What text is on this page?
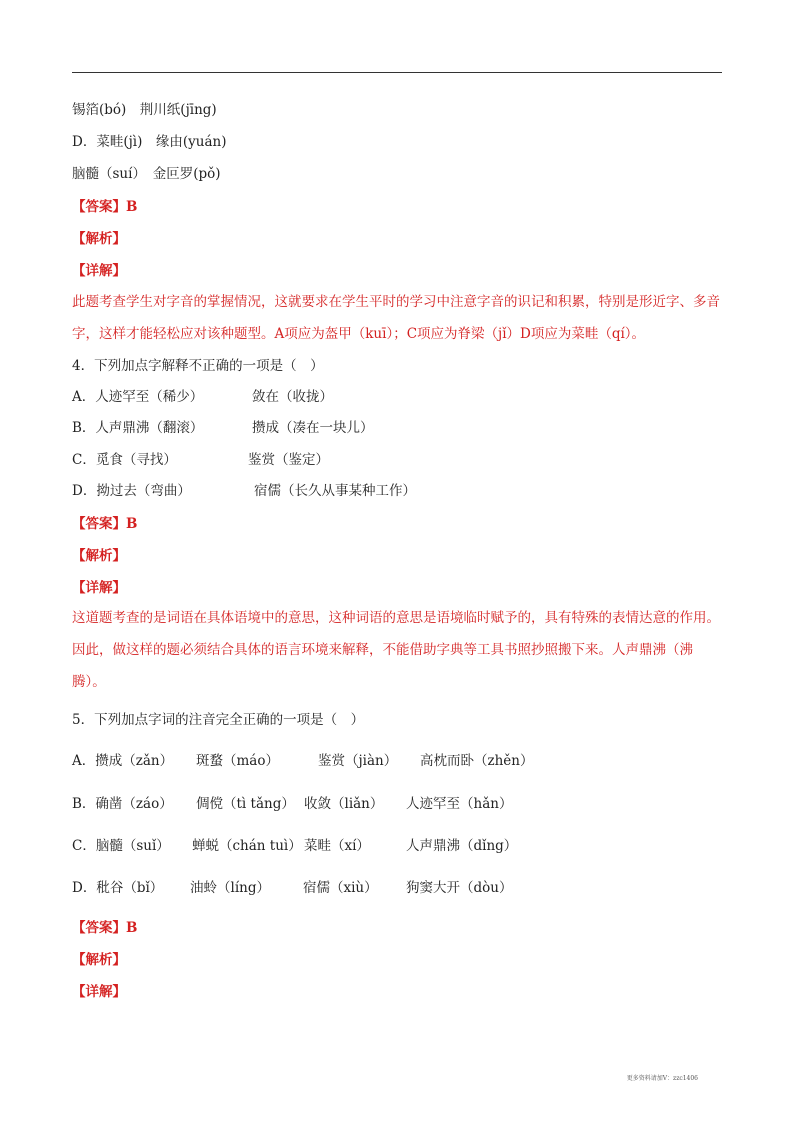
锡箔(bó)　荆川纸(jīng)
D．菜畦(jì)　缘由(yuán)
脑髓（suí）　金叵罗(pǒ)
【答案】B
【解析】
【详解】
此题考查学生对字音的掌握情况，这就要求在学生平时的学习中注意字音的识记和积累，特别是形近字、多音字，这样才能轻松应对该种题型。A项应为盔甲（kuī）；C项应为脊梁（jǐ）D项应为菜畦（qí）。
4．下列加点字解释不正确的一项是（　）
A．人迹罕至（稀少）	敛在（收拢）
B．人声鼎沸（翻滚）	攒成（凑在一块儿）
C．觅食（寻找）	鉴赏（鉴定）
D．拗过去（弯曲）	宿儒（长久从事某种工作）
【答案】B
【解析】
【详解】
这道题考查的是词语在具体语境中的意思，这种词语的意思是语境临时赋予的，具有特殊的表情达意的作用。因此，做这样的题必须结合具体的语言环境来解释，不能借助字典等工具书照抄照搬下来。人声鼎沸（沸腾）。
5．下列加点字词的注音完全正确的一项是（　）
A．攒成（zǎn） 斑蝥（máo）	鉴赏（jiàn） 高枕而卧（zhěn）
B．确凿（záo） 倜傥（tì tǎng） 收敛（liǎn） 人迹罕至（hǎn）
C．脑髓（suǐ） 蝉蜕（chán tuì） 菜畦（xí）	人声鼎沸（dǐng）
D．秕谷（bǐ） 油蛉（líng） 宿儒（xiù） 狗窦大开（dòu）
【答案】B
【解析】
【详解】
更多资料请加V：zzc1406
